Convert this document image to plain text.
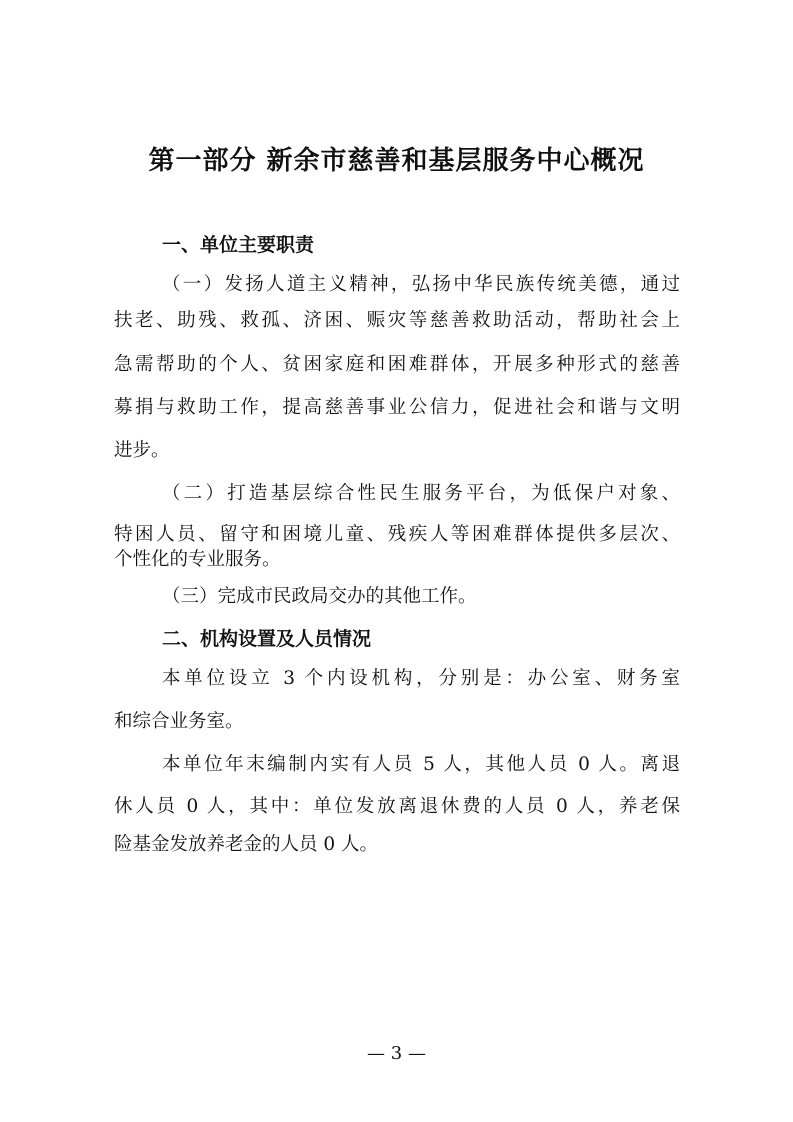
第一部分 新余市慈善和基层服务中心概况
一、单位主要职责

（一）发扬人道主义精神，弘扬中华民族传统美德，通过

扶老、助残、救孤、济困、赈灾等慈善救助活动，帮助社会上

急需帮助的个人、贫困家庭和困难群体，开展多种形式的慈善

募捐与救助工作，提高慈善事业公信力，促进社会和谐与文明

进步。

（二）打造基层综合性民生服务平台，为低保户对象、

特困人员、留守和困境儿童、残疾人等困难群体提供多层次、

个性化的专业服务。

（三）完成市民政局交办的其他工作。

二、机构设置及人员情况

本单位设立 3 个内设机构，分别是：办公室、财务室

和综合业务室。

本单位年末编制内实有人员 5 人，其他人员 0 人。离退

休人员 0 人，其中：单位发放离退休费的人员 0 人，养老保

险基金发放养老金的人员 0 人。

— 3 —
